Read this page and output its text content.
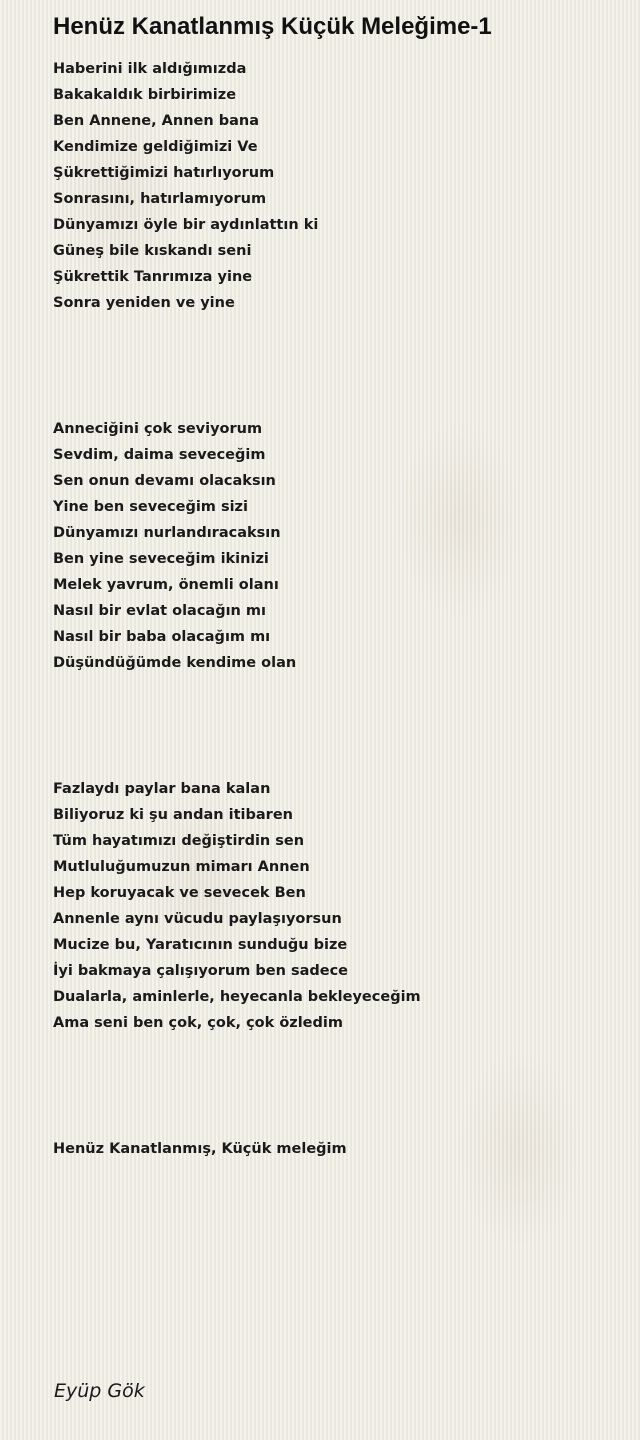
Henüz Kanatlanmış Küçük Meleğime-1
Haberini ilk aldığımızda
Bakakaldık birbirimize
Ben Annene, Annen bana
Kendimize geldiğimizi Ve
Şükrettiğimizi hatırlıyorum
Sonrasını, hatırlamıyorum
Dünyamızı öyle bir aydınlattın ki
Güneş bile kıskandı seni
Şükrettik Tanrımıza yine
Sonra yeniden ve yine
Anneciğini çok seviyorum
Sevdim, daima seveceğim
Sen onun devamı olacaksın
Yine ben seveceğim sizi
Dünyamızı nurlandıracaksın
Ben yine seveceğim ikinizi
Melek yavrum, önemli olanı
Nasıl bir evlat olacağın mı
Nasıl bir baba olacağım mı
Düşündüğümde kendime olan
Fazlaydı paylar bana kalan
Biliyoruz ki şu andan itibaren
Tüm hayatımızı değiştirdin sen
Mutluluğumuzun mimarı Annen
Hep koruyacak ve sevecek Ben
Annenle aynı vücudu paylaşıyorsun
Mucize bu, Yaratıcının sunduğu bize
İyi bakmaya çalışıyorum ben sadece
Dualarla, aminlerle, heyecanla bekleyeceğim
Ama seni ben çok, çok, çok özledim
Henüz Kanatlanmış, Küçük meleğim
Eyüp Gök
